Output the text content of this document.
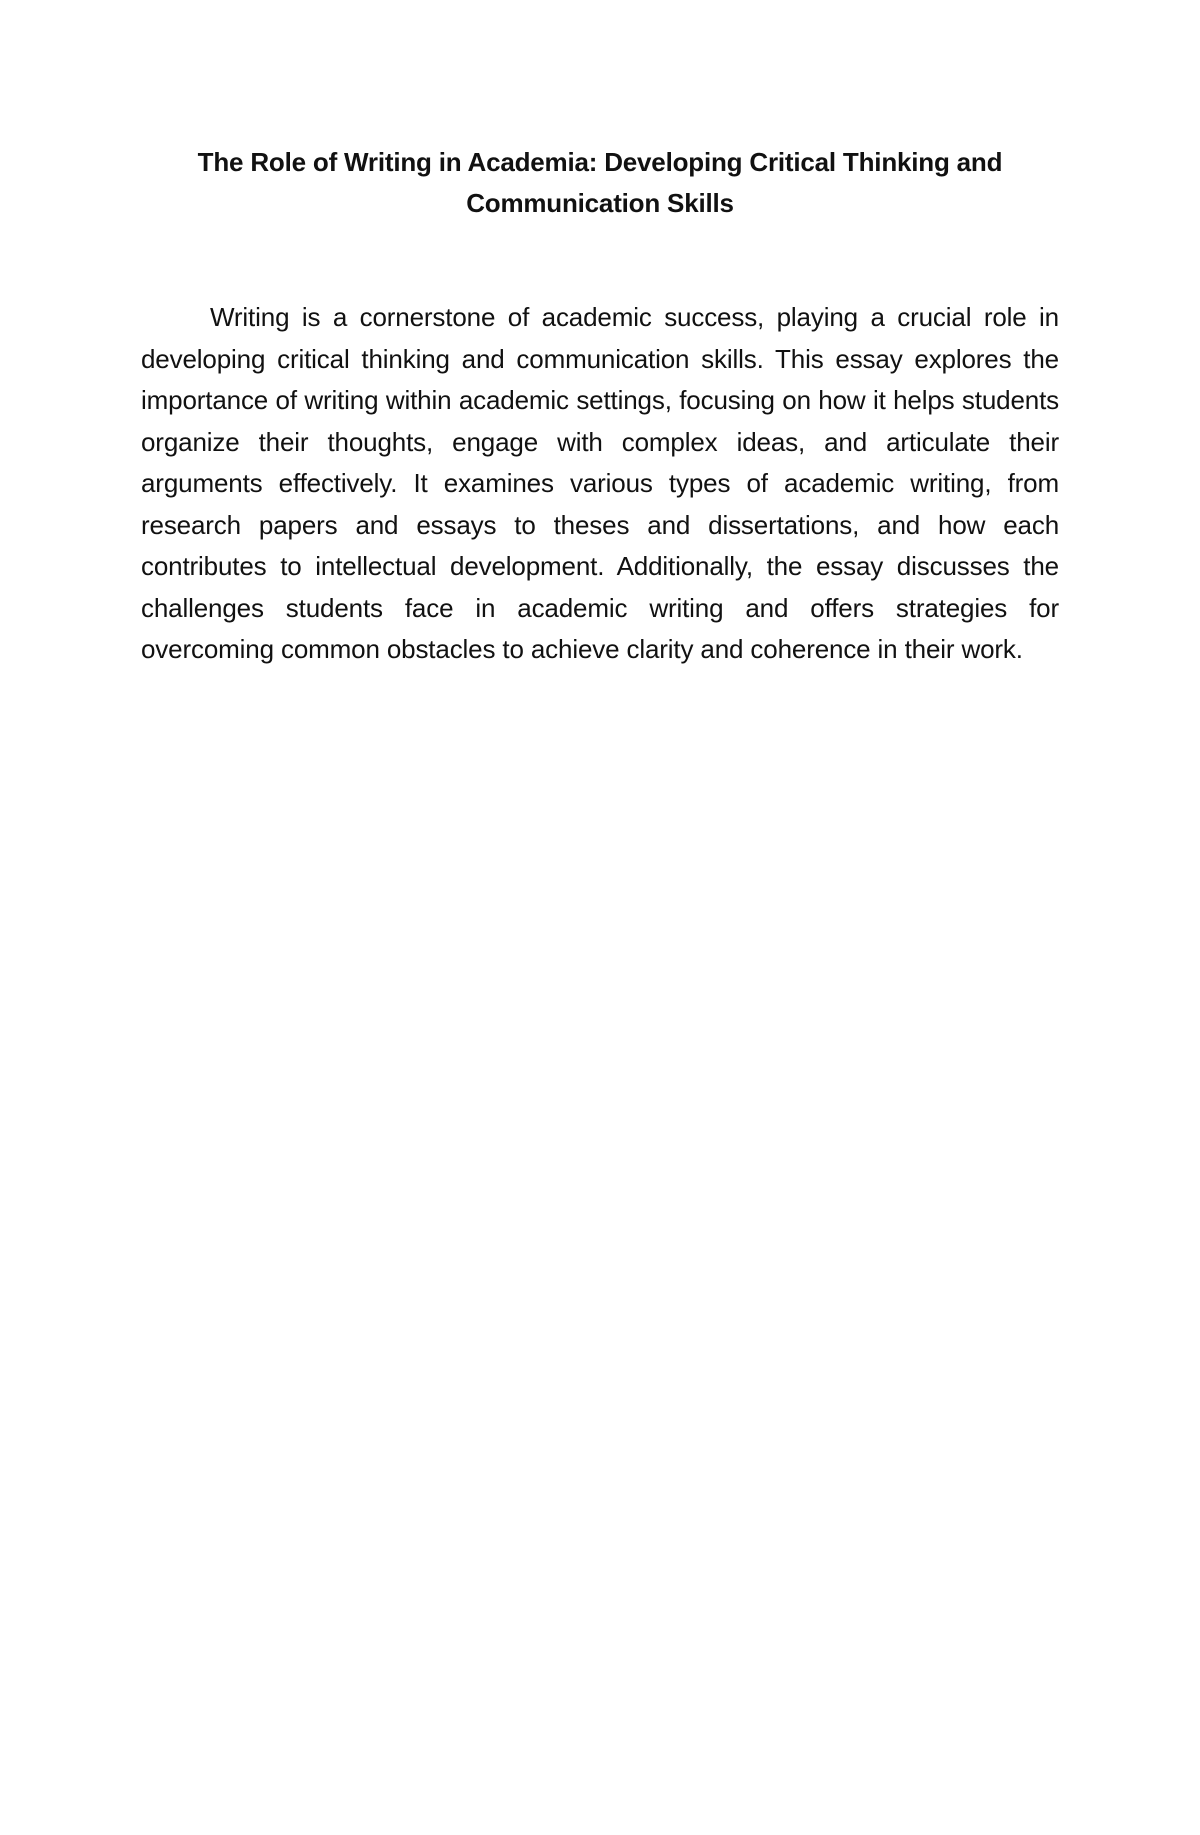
The Role of Writing in Academia: Developing Critical Thinking and Communication Skills

Writing is a cornerstone of academic success, playing a crucial role in developing critical thinking and communication skills. This essay explores the importance of writing within academic settings, focusing on how it helps students organize their thoughts, engage with complex ideas, and articulate their arguments effectively. It examines various types of academic writing, from research papers and essays to theses and dissertations, and how each contributes to intellectual development. Additionally, the essay discusses the challenges students face in academic writing and offers strategies for overcoming common obstacles to achieve clarity and coherence in their work.
